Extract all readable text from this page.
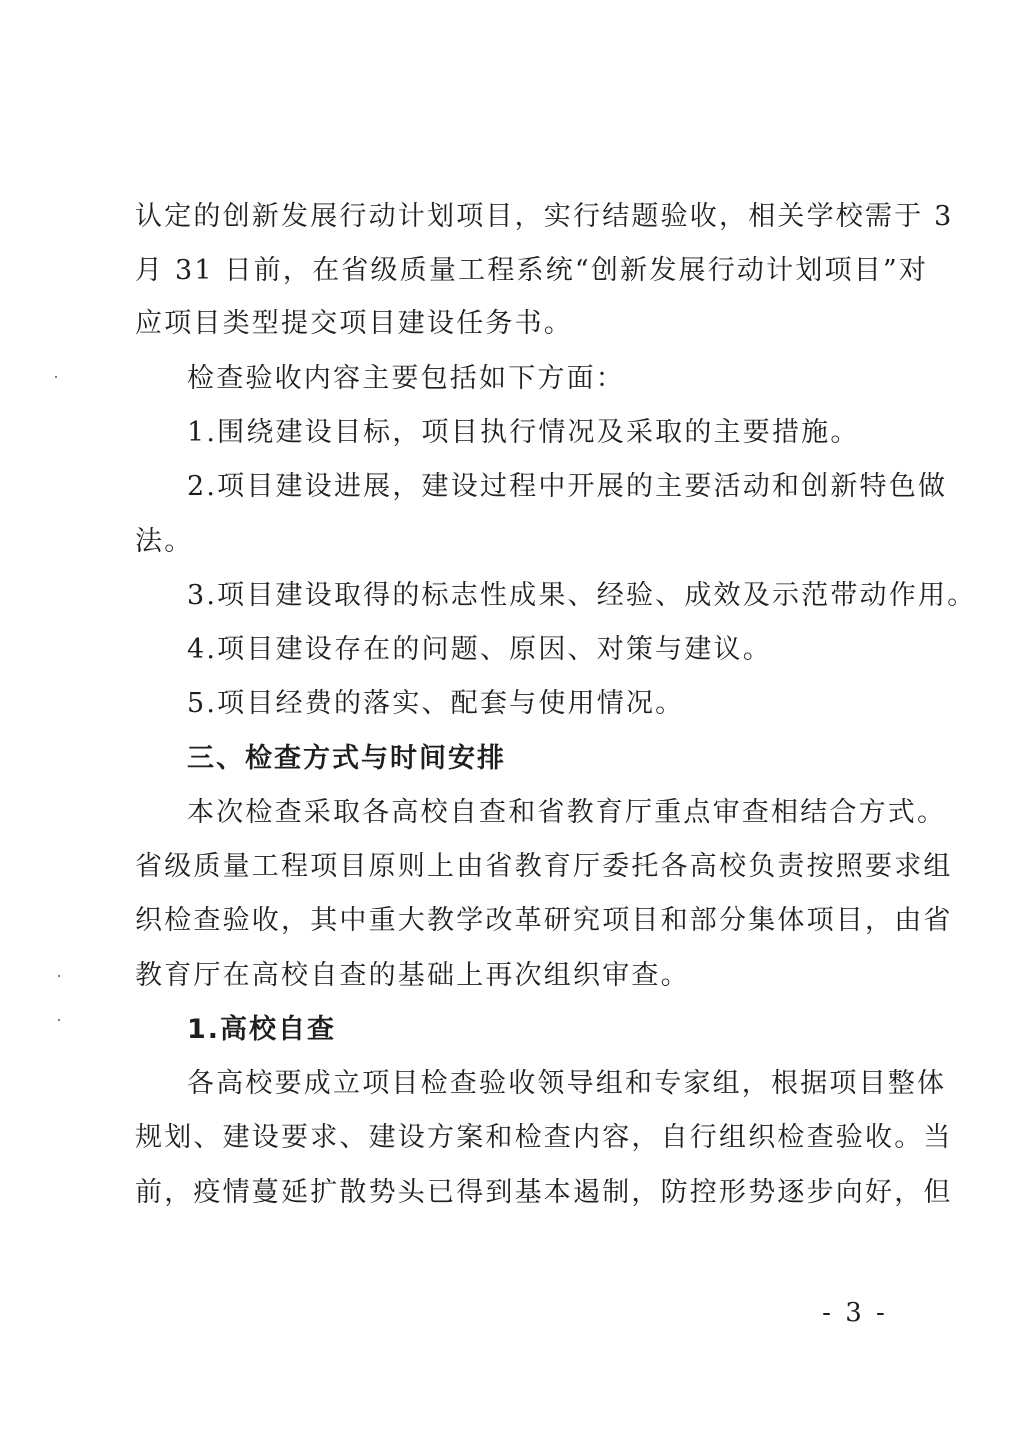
认定的创新发展行动计划项目，实行结题验收，相关学校需于 3
月 31 日前，在省级质量工程系统“创新发展行动计划项目”对
应项目类型提交项目建设任务书。
检查验收内容主要包括如下方面：
1.围绕建设目标，项目执行情况及采取的主要措施。
2.项目建设进展，建设过程中开展的主要活动和创新特色做
法。
3.项目建设取得的标志性成果、经验、成效及示范带动作用。
4.项目建设存在的问题、原因、对策与建议。
5.项目经费的落实、配套与使用情况。
三、检查方式与时间安排
本次检查采取各高校自查和省教育厅重点审查相结合方式。
省级质量工程项目原则上由省教育厅委托各高校负责按照要求组
织检查验收，其中重大教学改革研究项目和部分集体项目，由省
教育厅在高校自查的基础上再次组织审查。
1.高校自查
各高校要成立项目检查验收领导组和专家组，根据项目整体
规划、建设要求、建设方案和检查内容，自行组织检查验收。当
前，疫情蔓延扩散势头已得到基本遏制，防控形势逐步向好，但
- 3 -
